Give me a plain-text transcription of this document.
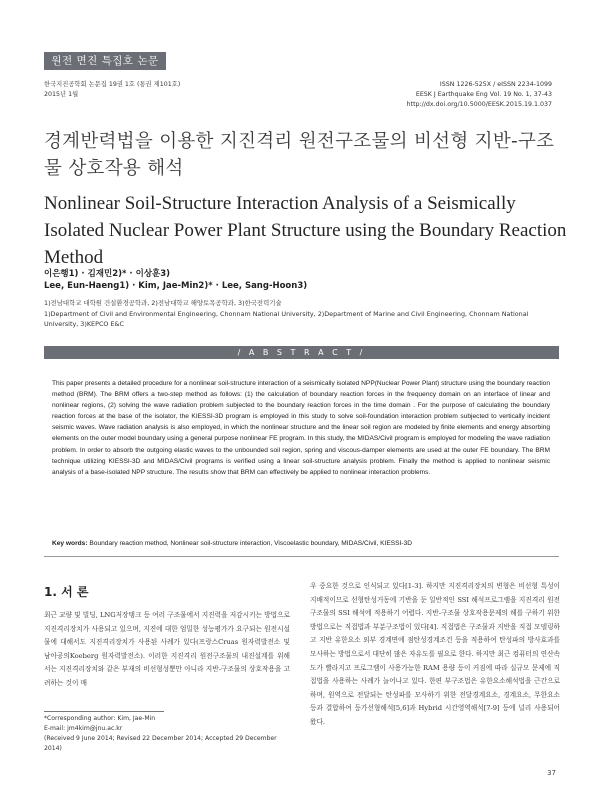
원전 면진 특집호 논문
한국지진공학회 논문집 19권 1호 (통권 제101호)
2015년 1월
ISSN 1226-525X / eISSN 2234-1099
EESK J Earthquake Eng Vol. 19 No. 1, 37-43
http://dx.doi.org/10.5000/EESK.2015.19.1.037
경계반력법을 이용한 지진격리 원전구조물의 비선형 지반-구조물 상호작용 해석
Nonlinear Soil-Structure Interaction Analysis of a Seismically Isolated Nuclear Power Plant Structure using the Boundary Reaction Method
이은행1) · 김재민2)* · 이상훈3)
Lee, Eun-Haeng1) · Kim, Jae-Min2)* · Lee, Sang-Hoon3)
1)전남대학교 대학원 건설환경공학과, 2)전남대학교 해양토목공학과, 3)한국전력기술
1)Department of Civil and Environmental Engineering, Chonnam National University, 2)Department of Marine and Civil Engineering, Chonnam National University, 3)KEPCO E&C
/ A B S T R A C T /
This paper presents a detailed procedure for a nonlinear soil-structure interaction of a seismically isolated NPP(Nuclear Power Plant) structure using the boundary reaction method (BRM). The BRM offers a two-step method as follows: (1) the calculation of boundary reaction forces in the frequency domain on an interface of linear and nonlinear regions, (2) solving the wave radiation problem subjected to the boundary reaction forces in the time domain . For the purpose of calculating the boundary reaction forces at the base of the isolator, the KIESSI-3D program is employed in this study to solve soil-foundation interaction problem subjected to vertically incident seismic waves. Wave radiation analysis is also employed, in which the nonlinear structure and the linear soil region are modeled by finite elements and energy absorbing elements on the outer model boundary using a general purpose nonlinear FE program. In this study, the MIDAS/Civil program is employed for modeling the wave radiation problem. In order to absorb the outgoing elastic waves to the unbounded soil region, spring and viscous-damper elements are used at the outer FE boundary. The BRM technique utilizing KIESSI-3D and MIDAS/Civil programs is verified using a linear soil-structure analysis problem. Finally the method is applied to nonlinear seismic analysis of a base-isolated NPP structure. The results show that BRM can effectively be applied to nonlinear interaction problems.
Key words: Boundary reaction method, Nonlinear soil-structure interaction, Viscoelastic boundary, MIDAS/Civil, KIESSI-3D
1. 서 론
최근 교량 및 빌딩, LNG저장탱크 등 여러 구조물에서 지진력을 저감시키는 방법으로 지진격리장치가 사용되고 있으며, 지진에 대한 엄밀한 성능평가가 요구되는 원전시설물에 대해서도 지진격리장치가 사용된 사례가 있다(프랑스Cruas 원자력발전소 및 남아공의Koeberg 원자력발전소). 이러한 지진격리 원전구조물의 내진설계를 위해서는 지진격리장치와 같은 부재의 비선형성뿐만 아니라 지반-구조물의 상호작용을 고려하는 것이 매
우 중요한 것으로 인식되고 있다[1-3]. 하지만 지진격리장치의 변형은 비선형 특성이 지배적이므로 선형탄성거동에 기반을 둔 일반적인 SSI 해석프로그램을 지진격리 원전구조물의 SSI 해석에 적용하기 어렵다. 지반-구조물 상호작용문제의 해를 구하기 위한 방법으로는 직접법과 부분구조법이 있다[4]. 직접법은 구조물과 지반을 직접 모델링하고 지반 유한요소 외부 경계면에 점탄성경계조건 등을 적용하여 탄성파의 방사효과를 모사하는 방법으로서 대단히 많은 자유도를 필요로 한다. 하지만 최근 컴퓨터의 연산속도가 빨라지고 프로그램이 사용가능한 RAM 용량 등이 커짐에 따라 실규모 문제에 직접법을 사용하는 사례가 늘어나고 있다. 한편 부구조법은 유한요소해석법을 근간으로 하며, 원역으로 전달되는 탄성파를 모사하기 위한 전달경계요소, 경계요소, 무한요소 등과 결합하여 등가선형해석[5,6]과 Hybrid 시간영역해석[7-9] 등에 널리 사용되어 왔다.
*Corresponding author: Kim, Jae-Min
E-mail: jm4kim@jnu.ac.kr
(Received 9 June 2014; Revised 22 December 2014; Accepted 29 December 2014)
37
